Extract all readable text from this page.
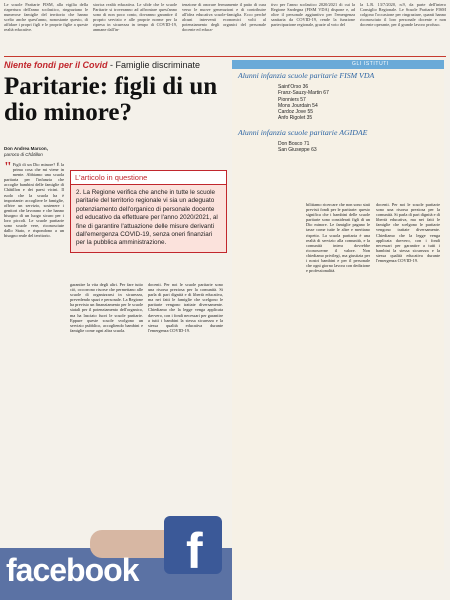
Le scuole Paritarie FISM, alla vigilia della riapertura dell'anno scolastico, ringraziano le numerose famiglie del territorio che hanno scelto anche quest'anno, nonostante questo, di affidare i propri figli e le proprie figlie a queste realtà educative.
storica realtà educativa. Le sfide che le scuole Paritarie si troveranno ad affrontare quest'anno sono di non poco conto, dovranno garantire il proprio servizio e alle proprie norme per la ripresa in sicurezza in tempo di COVID-19, anmane dall'in-
tenzione di onorare fermamente il patto di cura verso le nuove generazioni e di contribuire all'idea educativa scuole-famiglia. Ecco perché alcuni interventi economici volti al potenziamento degli organici del personale docente ed educa-
tivo per l'anno scolastico 2020/2021 di cui la Regione Sardegna (FISM VDA) dispone e, ad oltre il personale aggiuntivo per l'emergenza sanitaria da COVID-19, rende la funzione partecipazione regionale, grazie al voto del
la L.R. 13/7/2020, n.9, da parte dell'intero Consiglio Regionale. Le Scuole Paritarie FISM colgono l'occasione per ringraziare, quanti hanno riconosciuto il loro personale docente e non docente operante, per il grande lavoro profuso.
Niente fondi per il Covid - Famiglie discriminate
Paritarie: figli di un dio minore?
Don Andrea Marcon,
parroco di Châtillon
" Figli di un Dio minore? È la prima cosa che mi viene in mente. Abbiamo una scuola paritaria per l'infanzia che accoglie bambini delle famiglie di Châtillon e dei paesi vicini. Il ruolo che la scuola ha è importante: accogliere le famiglie, offrire un servizio, sostenere i genitori che lavorano e che hanno bisogno di un luogo sicuro per i loro piccoli. Le scuole paritarie sono scuole vere, riconosciute dallo Stato, e rispondono a un bisogno reale del territorio.
L'articolo in questione
2. La Regione verifica che anche in tutte le scuole paritarie del territorio regionale vi sia un adeguato potenziamento dell'organico di personale docente ed educativo da effettuare per l'anno 2020/2021, al fine di garantire l'attuazione delle misure derivanti dall'emergenza COVID-19, senza oneri finanziari per la pubblica amministrazione.
garantire la vita degli altri. Per fare tutto ciò, occorrono risorse che permettano alle scuole di organizzarsi in sicurezza, prevedendo spazi e personale. La Regione ha previsto un finanziamento per le scuole statali per il potenziamento dell'organico, ma ha lasciato fuori le scuole paritarie. Eppure queste scuole svolgono un servizio pubblico, accogliendo bambini e famiglie come ogni altra scuola.
docenti. Per noi le scuole paritarie sono una risorsa preziosa per la comunità. Si parla di pari dignità e di libertà educativa, ma nei fatti le famiglie che scelgono le paritarie vengono trattate diversamente. Chiediamo che la legge venga applicata davvero, con i fondi necessari per garantire a tutti i bambini la stessa sicurezza e la stessa qualità educativa durante l'emergenza COVID-19.
GLI ISTITUTI
Alunni infanzia scuole paritarie FISM VDA
Saint'Orso 36
Franz-Sauzy-Martin 67
Pionniers 57
Mons Jourdain 54
Cardoz Jove 55
Anfo Rigolet 35
Alunni infanzia scuole paritarie AGIDAE
Don Bosco 71
San Giuseppe 63
bilitiamo ricercare che non sono stati previsti fondi per le paritarie: questo significa che i bambini delle scuole paritarie sono considerati figli di un Dio minore. Le famiglie pagano le tasse come tutte le altre e meritano rispetto. La scuola paritaria è una realtà di servizio alla comunità, e la comunità intera dovrebbe riconoscerne il valore. Non chiediamo privilegi, ma giustizia per i nostri bambini e per il personale che ogni giorno lavora con dedizione e professionalità.
docenti. Per noi le scuole paritarie sono una risorsa preziosa per la comunità. Si parla di pari dignità e di libertà educativa, ma nei fatti le famiglie che scelgono le paritarie vengono trattate diversamente. Chiediamo che la legge venga applicata davvero, con i fondi necessari per garantire a tutti i bambini la stessa sicurezza e la stessa qualità educativa durante l'emergenza COVID-19.
f
facebook
